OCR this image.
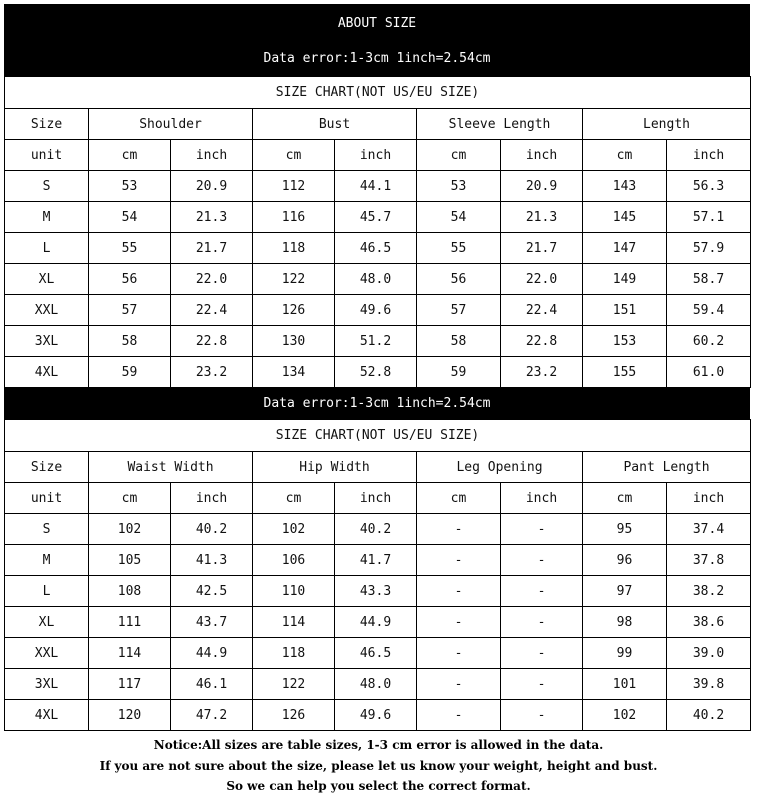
ABOUT SIZE
Data error:1-3cm 1inch=2.54cm
SIZE CHART(NOT US/EU SIZE)								
Size	Shoulder		Bust		Sleeve Length		Length	
unit	cm	inch	cm	inch	cm	inch	cm	inch
S	53	20.9	112	44.1	53	20.9	143	56.3
M	54	21.3	116	45.7	54	21.3	145	57.1
L	55	21.7	118	46.5	55	21.7	147	57.9
XL	56	22.0	122	48.0	56	22.0	149	58.7
XXL	57	22.4	126	49.6	57	22.4	151	59.4
3XL	58	22.8	130	51.2	58	22.8	153	60.2
4XL	59	23.2	134	52.8	59	23.2	155	61.0
Data error:1-3cm 1inch=2.54cm
SIZE CHART(NOT US/EU SIZE)								
Size	Waist Width		Hip Width		Leg Opening		Pant Length	
unit	cm	inch	cm	inch	cm	inch	cm	inch
S	102	40.2	102	40.2	-	-	95	37.4
M	105	41.3	106	41.7	-	-	96	37.8
L	108	42.5	110	43.3	-	-	97	38.2
XL	111	43.7	114	44.9	-	-	98	38.6
XXL	114	44.9	118	46.5	-	-	99	39.0
3XL	117	46.1	122	48.0	-	-	101	39.8
4XL	120	47.2	126	49.6	-	-	102	40.2
Notice:All sizes are table sizes, 1-3 cm error is allowed in the data.
If you are not sure about the size, please let us know your weight, height and bust.
So we can help you select the correct format.
